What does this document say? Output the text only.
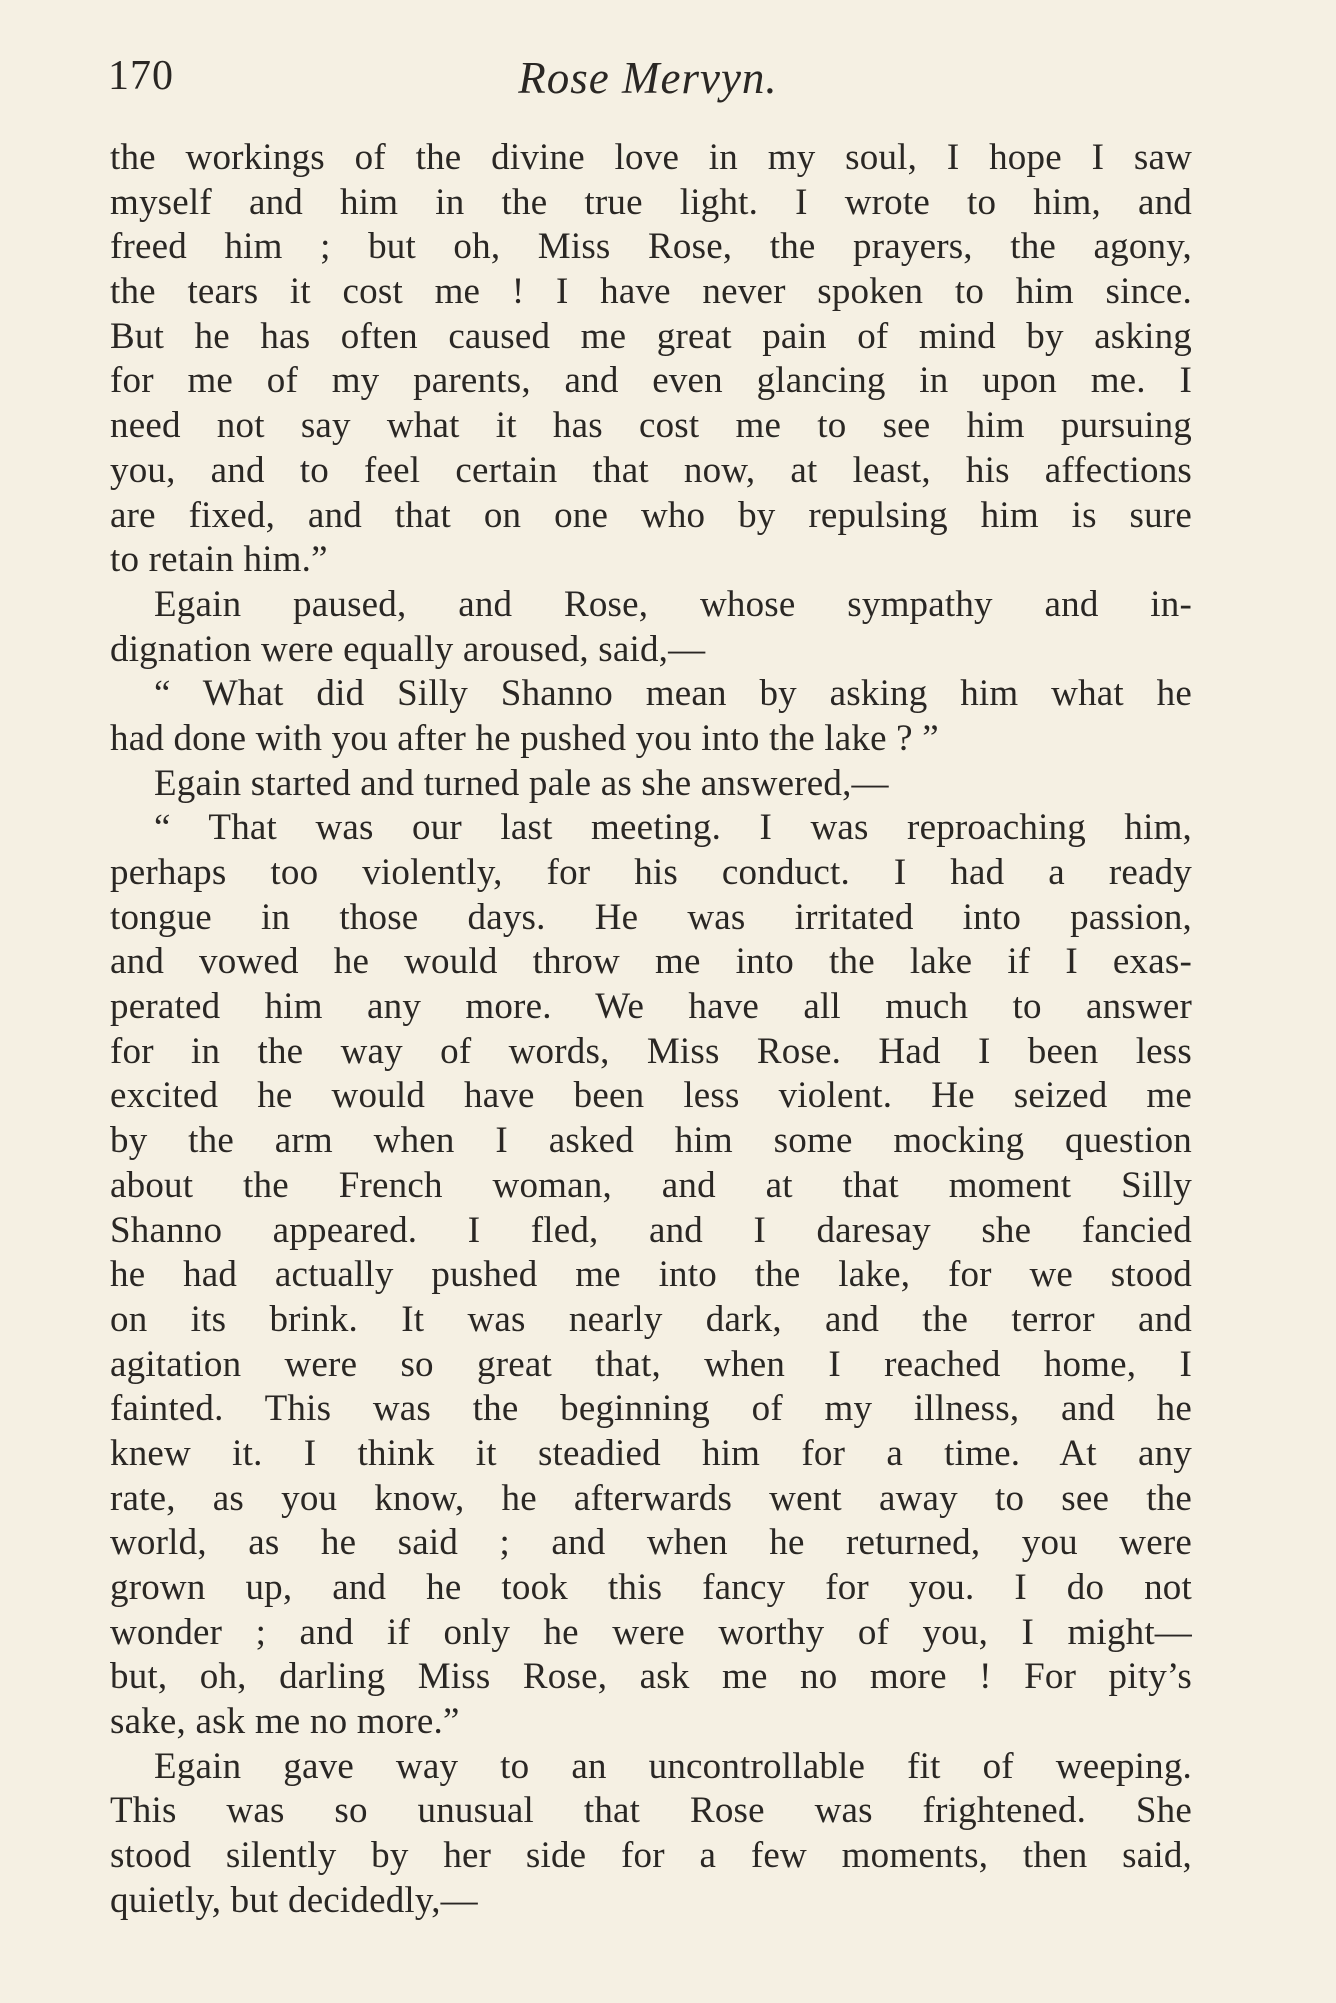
170	Rose Mervyn.
the workings of the divine love in my soul, I hope I saw
myself and him in the true light. I wrote to him, and
freed him ; but oh, Miss Rose, the prayers, the agony,
the tears it cost me ! I have never spoken to him since.
But he has often caused me great pain of mind by asking
for me of my parents, and even glancing in upon me. I
need not say what it has cost me to see him pursuing
you, and to feel certain that now, at least, his affections
are fixed, and that on one who by repulsing him is sure
to retain him.”
Egain paused, and Rose, whose sympathy and in-
dignation were equally aroused, said,—
“ What did Silly Shanno mean by asking him what he
had done with you after he pushed you into the lake ? ”
Egain started and turned pale as she answered,—
“ That was our last meeting. I was reproaching him,
perhaps too violently, for his conduct. I had a ready
tongue in those days. He was irritated into passion,
and vowed he would throw me into the lake if I exas-
perated him any more. We have all much to answer
for in the way of words, Miss Rose. Had I been less
excited he would have been less violent. He seized me
by the arm when I asked him some mocking question
about the French woman, and at that moment Silly
Shanno appeared. I fled, and I daresay she fancied
he had actually pushed me into the lake, for we stood
on its brink. It was nearly dark, and the terror and
agitation were so great that, when I reached home, I
fainted. This was the beginning of my illness, and he
knew it. I think it steadied him for a time. At any
rate, as you know, he afterwards went away to see the
world, as he said ; and when he returned, you were
grown up, and he took this fancy for you. I do not
wonder ; and if only he were worthy of you, I might—
but, oh, darling Miss Rose, ask me no more ! For pity’s
sake, ask me no more.”
Egain gave way to an uncontrollable fit of weeping.
This was so unusual that Rose was frightened. She
stood silently by her side for a few moments, then said,
quietly, but decidedly,—
